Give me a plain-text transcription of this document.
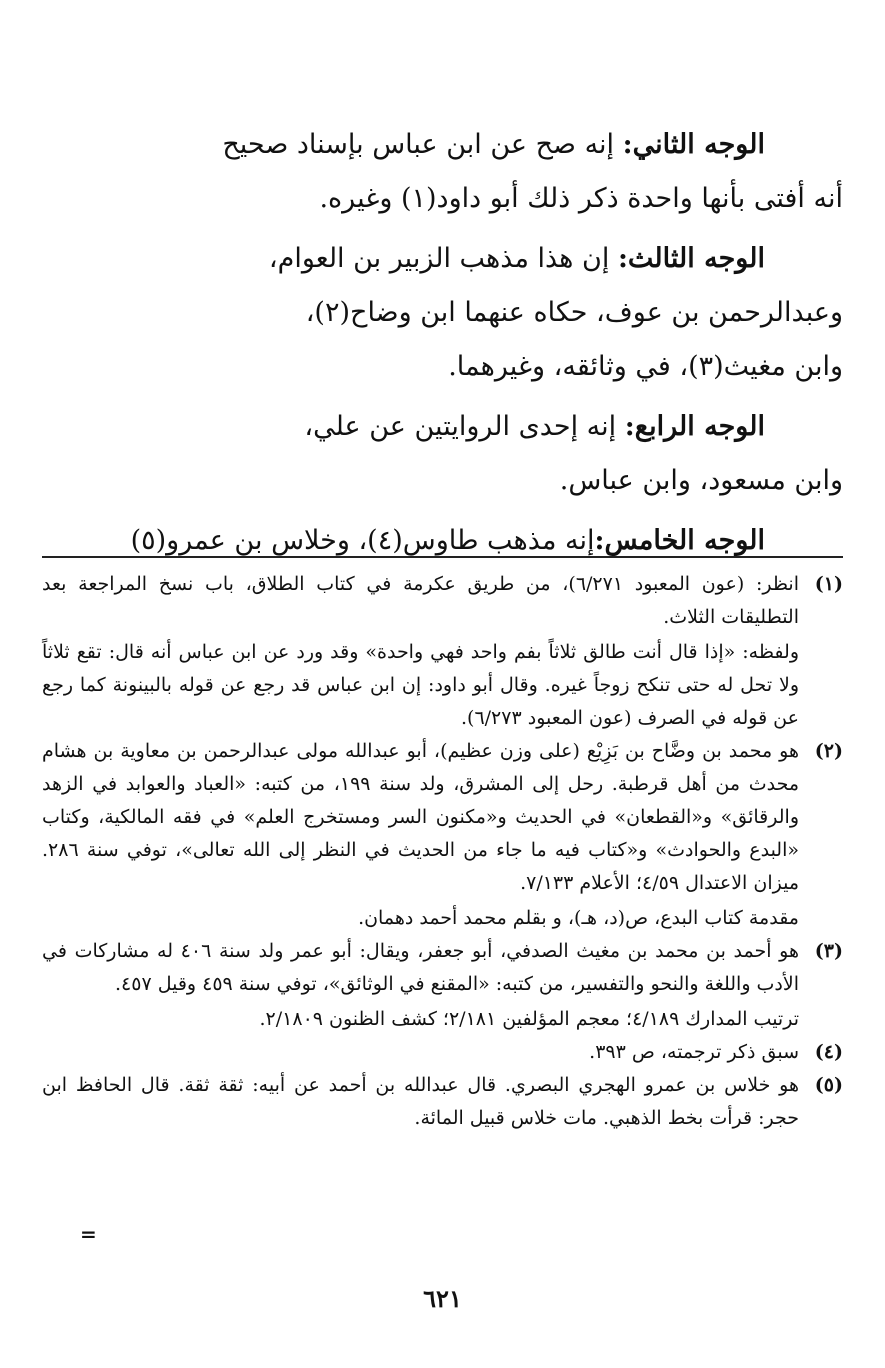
الوجه الثاني: إنه صح عن ابن عباس بإسناد صحيح
أنه أفتى بأنها واحدة ذكر ذلك أبو داود(١) وغيره.

الوجه الثالث: إن هذا مذهب الزبير بن العوام،
وعبدالرحمن بن عوف، حكاه عنهما ابن وضاح(٢)،
وابن مغيث(٣)، في وثائقه، وغيرهما.

الوجه الرابع: إنه إحدى الروايتين عن علي،
وابن مسعود، وابن عباس.

الوجه الخامس:إنه مذهب طاوس(٤)، وخلاس بن عمرو(٥)

(١)

انظر: (عون المعبود ٦/٢٧١)، من طريق عكرمة في كتاب الطلاق، باب نسخ المراجعة بعد التطليقات الثلاث.

ولفظه: «إذا قال أنت طالق ثلاثاً بفم واحد فهي واحدة» وقد ورد عن ابن عباس أنه قال: تقع ثلاثاً ولا تحل له حتى تنكح زوجاً غيره. وقال أبو داود: إن ابن عباس قد رجع عن قوله بالبينونة كما رجع عن قوله في الصرف (عون المعبود ٦/٢٧٣).

(٢)

هو محمد بن وضَّاح بن بَزِيْع (على وزن عظيم)، أبو عبدالله مولى عبدالرحمن بن معاوية بن هشام محدث من أهل قرطبة. رحل إلى المشرق، ولد سنة ١٩٩، من كتبه: «العباد والعوابد في الزهد والرقائق» و«القطعان» في الحديث و«مكنون السر ومستخرج العلم» في فقه المالكية، وكتاب «البدع والحوادث» و«كتاب فيه ما جاء من الحديث في النظر إلى الله تعالى»، توفي سنة ٢٨٦. ميزان الاعتدال ٤/٥٩؛ الأعلام ٧/١٣٣.

مقدمة كتاب البدع، ص(د، هـ)، و بقلم محمد أحمد دهمان.

(٣)

هو أحمد بن محمد بن مغيث الصدفي، أبو جعفر، ويقال: أبو عمر ولد سنة ٤٠٦ له مشاركات في الأدب واللغة والنحو والتفسير، من كتبه: «المقنع في الوثائق»، توفي سنة ٤٥٩ وقيل ٤٥٧.

ترتيب المدارك ٤/١٨٩؛ معجم المؤلفين ٢/١٨١؛ كشف الظنون ٢/١٨٠٩.

(٤)

سبق ذكر ترجمته، ص ٣٩٣.

(٥)

هو خلاس بن عمرو الهجري البصري. قال عبدالله بن أحمد عن أبيه: ثقة ثقة. قال الحافظ ابن حجر: قرأت بخط الذهبي. مات خلاس قبيل المائة.

=
٦٢١
